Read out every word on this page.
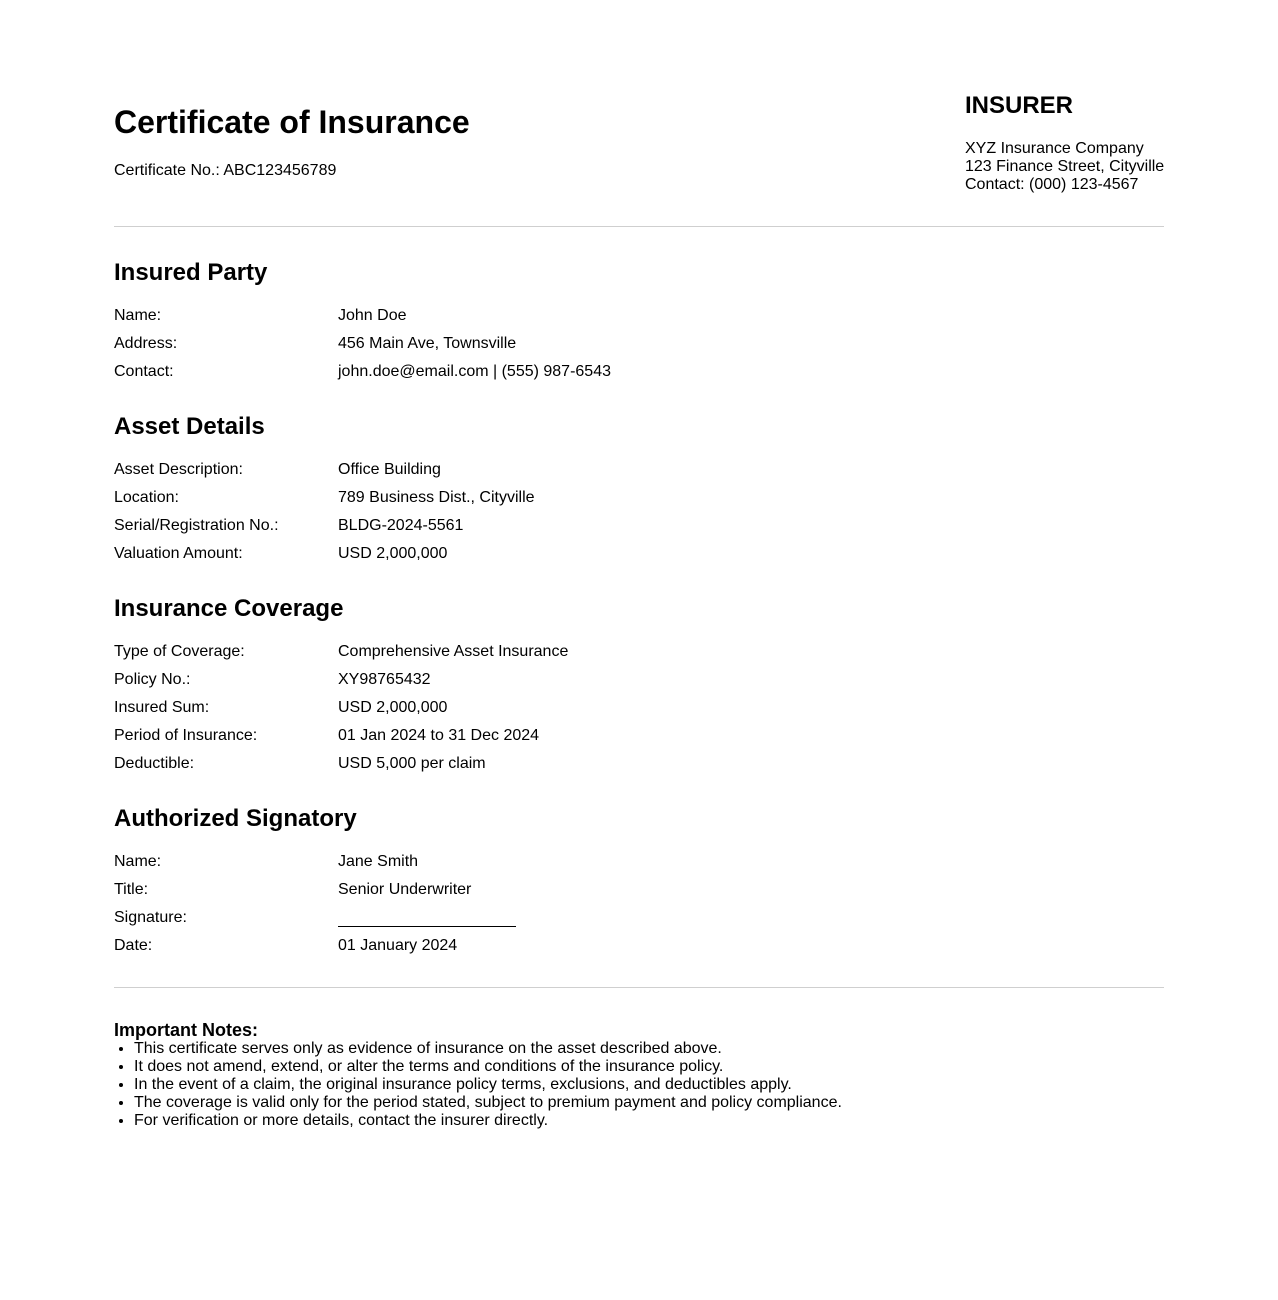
Certificate of Insurance
Certificate No.: ABC123456789
INSURER
XYZ Insurance Company
123 Finance Street, Cityville
Contact: (000) 123-4567
Insured Party
Name:	John Doe
Address:	456 Main Ave, Townsville
Contact:	john.doe@email.com | (555) 987-6543
Asset Details
Asset Description:	Office Building
Location:	789 Business Dist., Cityville
Serial/Registration No.:	BLDG-2024-5561
Valuation Amount:	USD 2,000,000
Insurance Coverage
Type of Coverage:	Comprehensive Asset Insurance
Policy No.:	XY98765432
Insured Sum:	USD 2,000,000
Period of Insurance:	01 Jan 2024 to 31 Dec 2024
Deductible:	USD 5,000 per claim
Authorized Signatory
Name:	Jane Smith
Title:	Senior Underwriter
Signature:
Date:	01 January 2024
Important Notes:
• This certificate serves only as evidence of insurance on the asset described above.
• It does not amend, extend, or alter the terms and conditions of the insurance policy.
• In the event of a claim, the original insurance policy terms, exclusions, and deductibles apply.
• The coverage is valid only for the period stated, subject to premium payment and policy compliance.
• For verification or more details, contact the insurer directly.
